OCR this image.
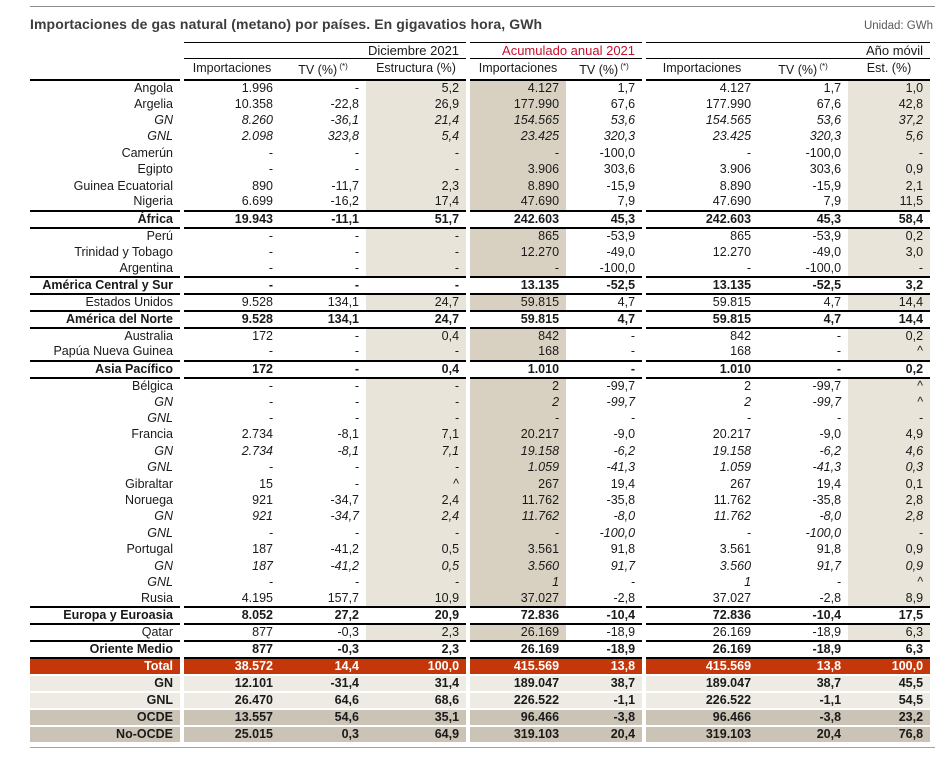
Importaciones de gas natural (metano) por países. En gigavatios hora, GWh	Unidad: GWh
		Diciembre 2021				Acumulado anual 2021			Año móvil		
		Importaciones	TV (%) (*)	Estructura (%)		Importaciones	TV (%) (*)		Importaciones	TV (%) (*)	Est. (%)
Angola		1.996	-	5,2		4.127	1,7		4.127	1,7	1,0
Argelia		10.358	-22,8	26,9		177.990	67,6		177.990	67,6	42,8
GN		8.260	-36,1	21,4		154.565	53,6		154.565	53,6	37,2
GNL		2.098	323,8	5,4		23.425	320,3		23.425	320,3	5,6
Camerún		-	-	-		-	-100,0		-	-100,0	-
Egipto		-	-	-		3.906	303,6		3.906	303,6	0,9
Guinea Ecuatorial		890	-11,7	2,3		8.890	-15,9		8.890	-15,9	2,1
Nigeria		6.699	-16,2	17,4		47.690	7,9		47.690	7,9	11,5
África		19.943	-11,1	51,7		242.603	45,3		242.603	45,3	58,4
Perú		-	-	-		865	-53,9		865	-53,9	0,2
Trinidad y Tobago		-	-	-		12.270	-49,0		12.270	-49,0	3,0
Argentina		-	-	-		-	-100,0		-	-100,0	-
América Central y Sur		-	-	-		13.135	-52,5		13.135	-52,5	3,2
Estados Unidos		9.528	134,1	24,7		59.815	4,7		59.815	4,7	14,4
América del Norte		9.528	134,1	24,7		59.815	4,7		59.815	4,7	14,4
Australia		172	-	0,4		842	-		842	-	0,2
Papúa Nueva Guinea		-	-	-		168	-		168	-	^
Asia Pacífico		172	-	0,4		1.010	-		1.010	-	0,2
Bélgica		-	-	-		2	-99,7		2	-99,7	^
GN		-	-	-		2	-99,7		2	-99,7	^
GNL		-	-	-		-	-		-	-	-
Francia		2.734	-8,1	7,1		20.217	-9,0		20.217	-9,0	4,9
GN		2.734	-8,1	7,1		19.158	-6,2		19.158	-6,2	4,6
GNL		-	-	-		1.059	-41,3		1.059	-41,3	0,3
Gibraltar		15	-	^		267	19,4		267	19,4	0,1
Noruega		921	-34,7	2,4		11.762	-35,8		11.762	-35,8	2,8
GN		921	-34,7	2,4		11.762	-8,0		11.762	-8,0	2,8
GNL		-	-	-		-	-100,0		-	-100,0	-
Portugal		187	-41,2	0,5		3.561	91,8		3.561	91,8	0,9
GN		187	-41,2	0,5		3.560	91,7		3.560	91,7	0,9
GNL		-	-	-		1	-		1	-	^
Rusia		4.195	157,7	10,9		37.027	-2,8		37.027	-2,8	8,9
Europa y Euroasia		8.052	27,2	20,9		72.836	-10,4		72.836	-10,4	17,5
Qatar		877	-0,3	2,3		26.169	-18,9		26.169	-18,9	6,3
Oriente Medio		877	-0,3	2,3		26.169	-18,9		26.169	-18,9	6,3
Total		38.572	14,4	100,0		415.569	13,8		415.569	13,8	100,0
GN		12.101	-31,4	31,4		189.047	38,7		189.047	38,7	45,5
GNL		26.470	64,6	68,6		226.522	-1,1		226.522	-1,1	54,5
OCDE		13.557	54,6	35,1		96.466	-3,8		96.466	-3,8	23,2
No-OCDE		25.015	0,3	64,9		319.103	20,4		319.103	20,4	76,8
